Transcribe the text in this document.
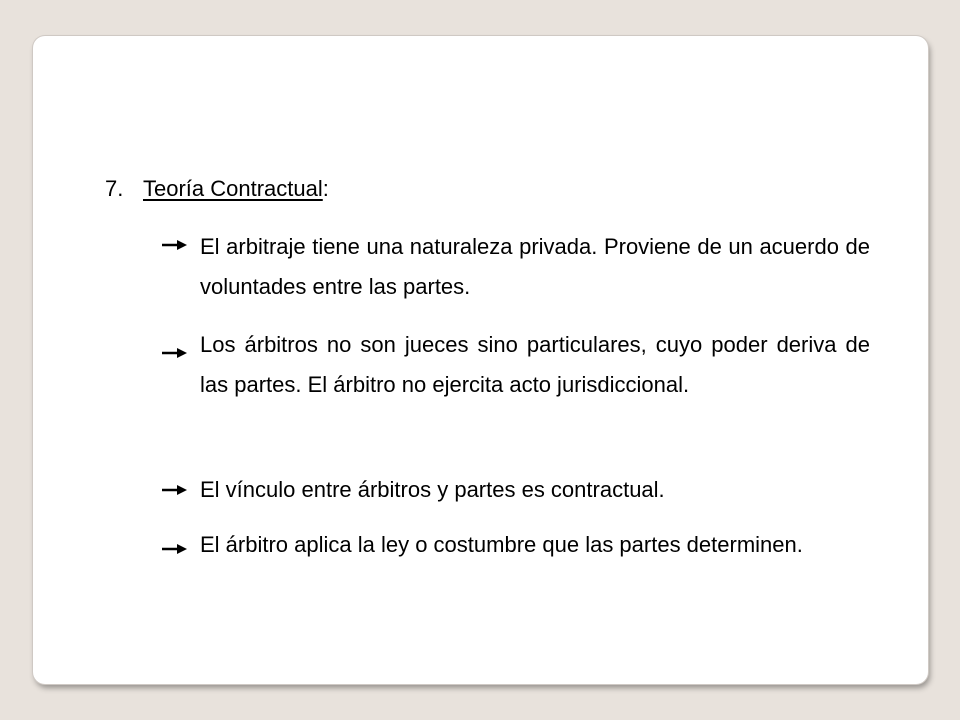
7. Teoría Contractual:
El arbitraje tiene una naturaleza privada. Proviene de un acuerdo de voluntades entre las partes.
Los árbitros no son jueces sino particulares, cuyo poder deriva de las partes. El árbitro no ejercita acto jurisdiccional.
El vínculo entre árbitros y partes es contractual.
El árbitro aplica la ley o costumbre que las partes determinen.
